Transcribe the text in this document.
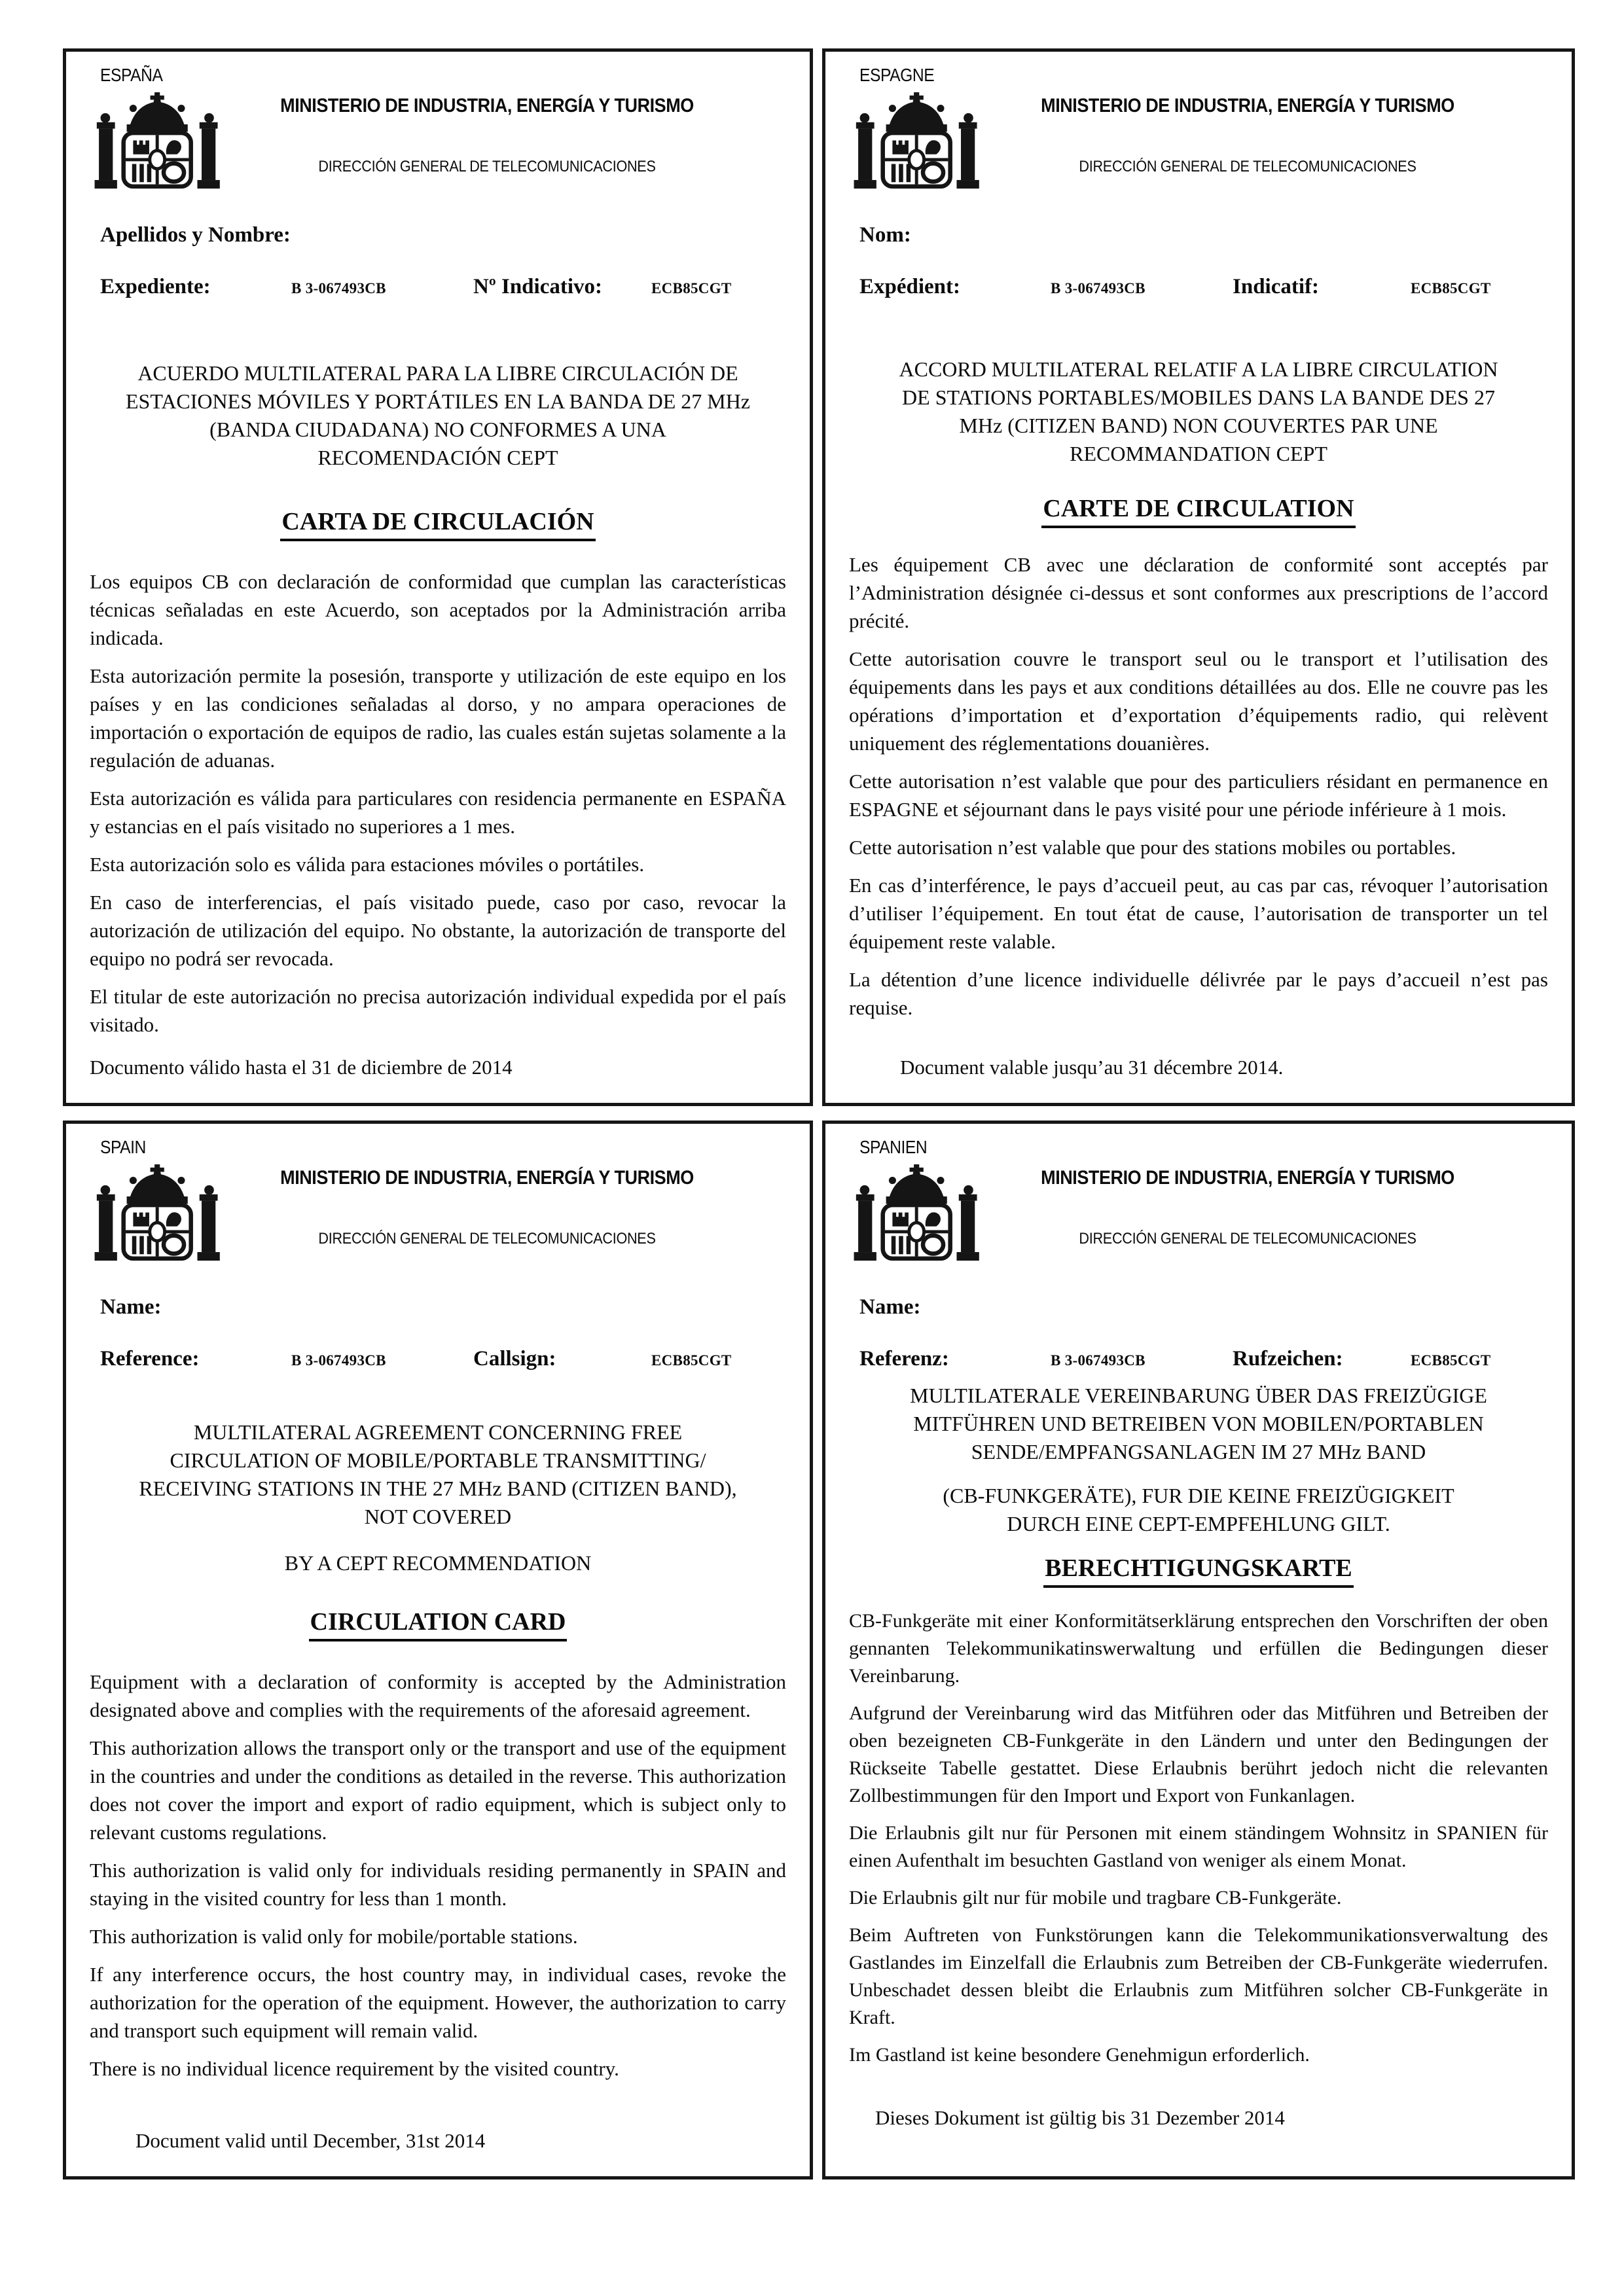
ESPAÑA
MINISTERIO DE INDUSTRIA, ENERGÍA Y TURISMO
DIRECCIÓN GENERAL DE TELECOMUNICACIONES
Apellidos y Nombre:
Expediente:	B 3-067493CB	Nº Indicativo:	ECB85CGT
ACUERDO MULTILATERAL PARA LA LIBRE CIRCULACIÓN DE ESTACIONES MÓVILES Y PORTÁTILES EN LA BANDA DE 27 MHz (BANDA CIUDADANA) NO CONFORMES A UNA RECOMENDACIÓN CEPT
CARTA DE CIRCULACIÓN

Los equipos CB con declaración de conformidad que cumplan las características técnicas señaladas en este Acuerdo, son aceptados por la Administración arriba indicada.

Esta autorización permite la posesión, transporte y utilización de este equipo en los países y en las condiciones señaladas al dorso, y no ampara operaciones de importación o exportación de equipos de radio, las cuales están sujetas solamente a la regulación de aduanas.

Esta autorización es válida para particulares con residencia permanente en ESPAÑA y estancias en el país visitado no superiores a 1 mes.

Esta autorización solo es válida para estaciones móviles o portátiles.

En caso de interferencias, el país visitado puede, caso por caso, revocar la autorización de utilización del equipo. No obstante, la autorización de transporte del equipo no podrá ser revocada.

El titular de este autorización no precisa autorización individual expedida por el país visitado.

Documento válido hasta el 31 de diciembre de 2014
ESPAGNE
MINISTERIO DE INDUSTRIA, ENERGÍA Y TURISMO
DIRECCIÓN GENERAL DE TELECOMUNICACIONES
Nom:
Expédient:	B 3-067493CB	Indicatif:	ECB85CGT
ACCORD MULTILATERAL RELATIF A LA LIBRE CIRCULATION DE STATIONS PORTABLES/MOBILES DANS LA BANDE DES 27 MHz (CITIZEN BAND) NON COUVERTES PAR UNE RECOMMANDATION CEPT
CARTE DE CIRCULATION

Les équipement CB avec une déclaration de conformité sont acceptés par l’Administration désignée ci-dessus et sont conformes aux prescriptions de l’accord précité.

Cette autorisation couvre le transport seul ou le transport et l’utilisation des équipements dans les pays et aux conditions détaillées au dos. Elle ne couvre pas les opérations d’importation et d’exportation d’équipements radio, qui relèvent uniquement des réglementations douanières.

Cette autorisation n’est valable que pour des particuliers résidant en permanence en ESPAGNE et séjournant dans le pays visité pour une période inférieure à 1 mois.

Cette autorisation n’est valable que pour des stations mobiles ou portables.

En cas d’interférence, le pays d’accueil peut, au cas par cas, révoquer l’autorisation d’utiliser l’équipement. En tout état de cause, l’autorisation de transporter un tel équipement reste valable.

La détention d’une licence individuelle délivrée par le pays d’accueil n’est pas requise.

Document valable jusqu’au 31 décembre 2014.
SPAIN
MINISTERIO DE INDUSTRIA, ENERGÍA Y TURISMO
DIRECCIÓN GENERAL DE TELECOMUNICACIONES
Name:
Reference:	B 3-067493CB	Callsign:	ECB85CGT
MULTILATERAL AGREEMENT CONCERNING FREE CIRCULATION OF MOBILE/PORTABLE TRANSMITTING/ RECEIVING STATIONS IN THE 27 MHz BAND (CITIZEN BAND), NOT COVERED
BY A CEPT RECOMMENDATION
CIRCULATION CARD

Equipment with a declaration of conformity is accepted by the Administration designated above and complies with the requirements of the aforesaid agreement.

This authorization allows the transport only or the transport and use of the equipment in the countries and under the conditions as detailed in the reverse. This authorization does not cover the import and export of radio equipment, which is subject only to relevant customs regulations.

This authorization is valid only for individuals residing permanently in SPAIN and staying in the visited country for less than 1 month.

This authorization is valid only for mobile/portable stations.

If any interference occurs, the host country may, in individual cases, revoke the authorization for the operation of the equipment. However, the authorization to carry and transport such equipment will remain valid.

There is no individual licence requirement by the visited country.

Document valid until December, 31st 2014
SPANIEN
MINISTERIO DE INDUSTRIA, ENERGÍA Y TURISMO
DIRECCIÓN GENERAL DE TELECOMUNICACIONES
Name:
Referenz:	B 3-067493CB	Rufzeichen:	ECB85CGT
MULTILATERALE VEREINBARUNG ÜBER DAS FREIZÜGIGE MITFÜHREN UND BETREIBEN VON MOBILEN/PORTABLEN SENDE/EMPFANGSANLAGEN IM 27 MHz BAND
(CB-FUNKGERÄTE), FUR DIE KEINE FREIZÜGIGKEIT DURCH EINE CEPT-EMPFEHLUNG GILT.
BERECHTIGUNGSKARTE

CB-Funkgeräte mit einer Konformitätserklärung entsprechen den Vorschriften der oben gennanten Telekommunikatinswerwaltung und erfüllen die Bedingungen dieser Vereinbarung.

Aufgrund der Vereinbarung wird das Mitführen oder das Mitführen und Betreiben der oben bezeigneten CB-Funkgeräte in den Ländern und unter den Bedingungen der Rückseite Tabelle gestattet. Diese Erlaubnis berührt jedoch nicht die relevanten Zollbestimmungen für den Import und Export von Funkanlagen.

Die Erlaubnis gilt nur für Personen mit einem ständingem Wohnsitz in SPANIEN für einen Aufenthalt im besuchten Gastland von weniger als einem Monat.

Die Erlaubnis gilt nur für mobile und tragbare CB-Funkgeräte.

Beim Auftreten von Funkstörungen kann die Telekommunikationsverwaltung des Gastlandes im Einzelfall die Erlaubnis zum Betreiben der CB-Funkgeräte wiederrufen. Unbeschadet dessen bleibt die Erlaubnis zum Mitführen solcher CB-Funkgeräte in Kraft.

Im Gastland ist keine besondere Genehmigun erforderlich.

Dieses Dokument ist gültig bis 31 Dezember 2014
